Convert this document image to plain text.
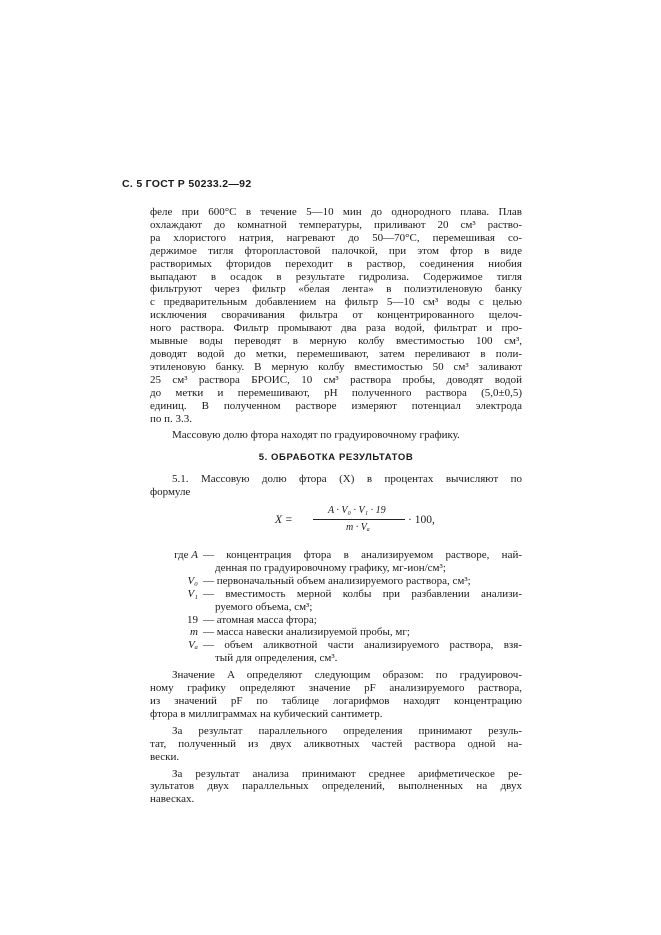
С. 5 ГОСТ Р 50233.2—92
феле при 600°С в течение 5—10 мин до однородного плава. Плав
охлаждают до комнатной температуры, приливают 20 см³ раство-
ра хлористого натрия, нагревают до 50—70°С, перемешивая со-
держимое тигля фторопластовой палочкой, при этом фтор в виде
растворимых фторидов переходит в раствор, соединения ниобия
выпадают в осадок в результате гидролиза. Содержимое тигля
фильтруют через фильтр «белая лента» в полиэтиленовую банку
с предварительным добавлением на фильтр 5—10 см³ воды с целью
исключения сворачивания фильтра от концентрированного щелоч-
ного раствора. Фильтр промывают два раза водой, фильтрат и про-
мывные воды переводят в мерную колбу вместимостью 100 см³,
доводят водой до метки, перемешивают, затем переливают в поли-
этиленовую банку. В мерную колбу вместимостью 50 см³ заливают
25 см³ раствора БРОИС, 10 см³ раствора пробы, доводят водой
до метки и перемешивают, pH полученного раствора (5,0±0,5)
единиц. В полученном растворе измеряют потенциал электрода
по п. 3.3.
Массовую долю фтора находят по градуировочному графику.
5. ОБРАБОТКА РЕЗУЛЬТАТОВ
5.1. Массовую долю фтора (X) в процентах вычисляют по
формуле
X =
A · V₀ · V₁ · 19
m · Vₐ
· 100,
где A — концентрация фтора в анализируемом растворе, най-
денная по градуировочному графику, мг-ион/см³;
V₀ — первоначальный объем анализируемого раствора, см³;
V₁ — вместимость мерной колбы при разбавлении анализи-
руемого объема, см³;
19 — атомная масса фтора;
m — масса навески анализируемой пробы, мг;
Vₐ — объем аликвотной части анализируемого раствора, взя-
тый для определения, см³.
Значение A определяют следующим образом: по градуировоч-
ному графику определяют значение pF анализируемого раствора,
из значений pF по таблице логарифмов находят концентрацию
фтора в миллиграммах на кубический сантиметр.
За результат параллельного определения принимают резуль-
тат, полученный из двух аликвотных частей раствора одной на-
вески.
За результат анализа принимают среднее арифметическое ре-
зультатов двух параллельных определений, выполненных на двух
навесках.
